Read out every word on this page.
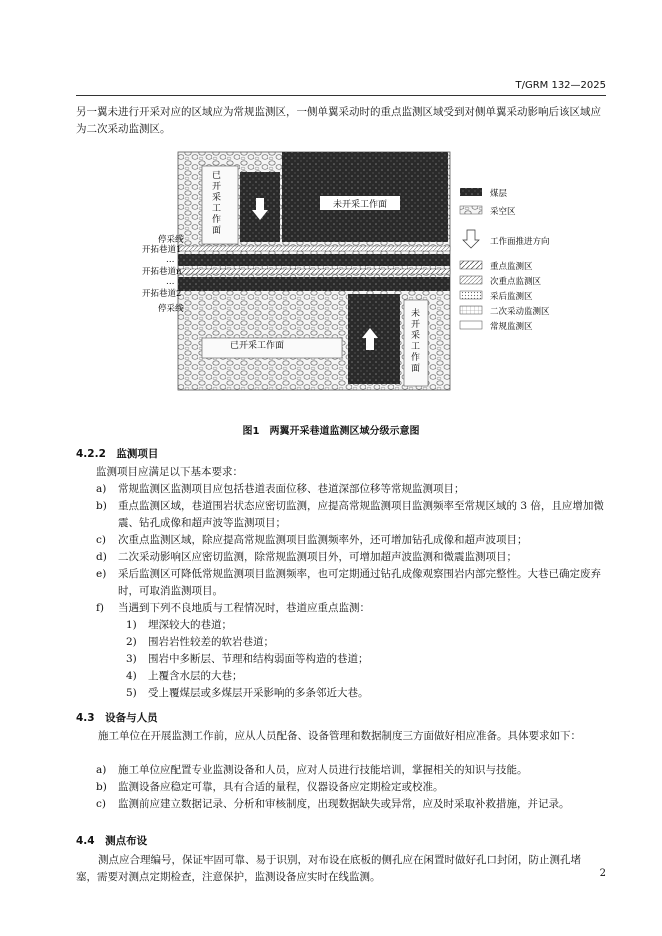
T/GRM 132—2025
另一翼未进行开采对应的区域应为常规监测区，一侧单翼采动时的重点监测区域受到对侧单翼采动影响后该区域应为二次采动监测区。
已开采工作面
未开采工作面
已开采工作面
未开采工作面
停采线
开拓巷道1
…
开拓巷道n
…
开拓巷道2
停采线
煤层
采空区
工作面推进方向
重点监测区
次重点监测区
采后监测区
二次采动监测区
常规监测区
图1　两翼开采巷道监测区域分级示意图
4.2.2　监测项目
监测项目应满足以下基本要求：
a) 常规监测区监测项目应包括巷道表面位移、巷道深部位移等常规监测项目；
b) 重点监测区域，巷道围岩状态应密切监测，应提高常规监测项目监测频率至常规区域的 3 倍，且应增加微震、钻孔成像和超声波等监测项目；
c) 次重点监测区域，除应提高常规监测项目监测频率外，还可增加钻孔成像和超声波项目；
d) 二次采动影响区应密切监测，除常规监测项目外，可增加超声波监测和微震监测项目；
e) 采后监测区可降低常规监测项目监测频率，也可定期通过钻孔成像观察围岩内部完整性。大巷已确定废弃时，可取消监测项目。
f) 当遇到下列不良地质与工程情况时，巷道应重点监测：
1) 埋深较大的巷道；
2) 围岩岩性较差的软岩巷道；
3) 围岩中多断层、节理和结构弱面等构造的巷道；
4) 上覆含水层的大巷；
5) 受上覆煤层或多煤层开采影响的多条邻近大巷。
4.3　设备与人员
施工单位在开展监测工作前，应从人员配备、设备管理和数据制度三方面做好相应准备。具体要求如下：
a) 施工单位应配置专业监测设备和人员，应对人员进行技能培训，掌握相关的知识与技能。
b) 监测设备应稳定可靠，具有合适的量程，仪器设备应定期检定或校准。
c) 监测前应建立数据记录、分析和审核制度，出现数据缺失或异常，应及时采取补救措施，并记录。
4.4　测点布设
测点应合理编号，保证牢固可靠、易于识别，对布设在底板的侧孔应在闲置时做好孔口封闭，防止测孔堵塞，需要对测点定期检查，注意保护，监测设备应实时在线监测。	2
